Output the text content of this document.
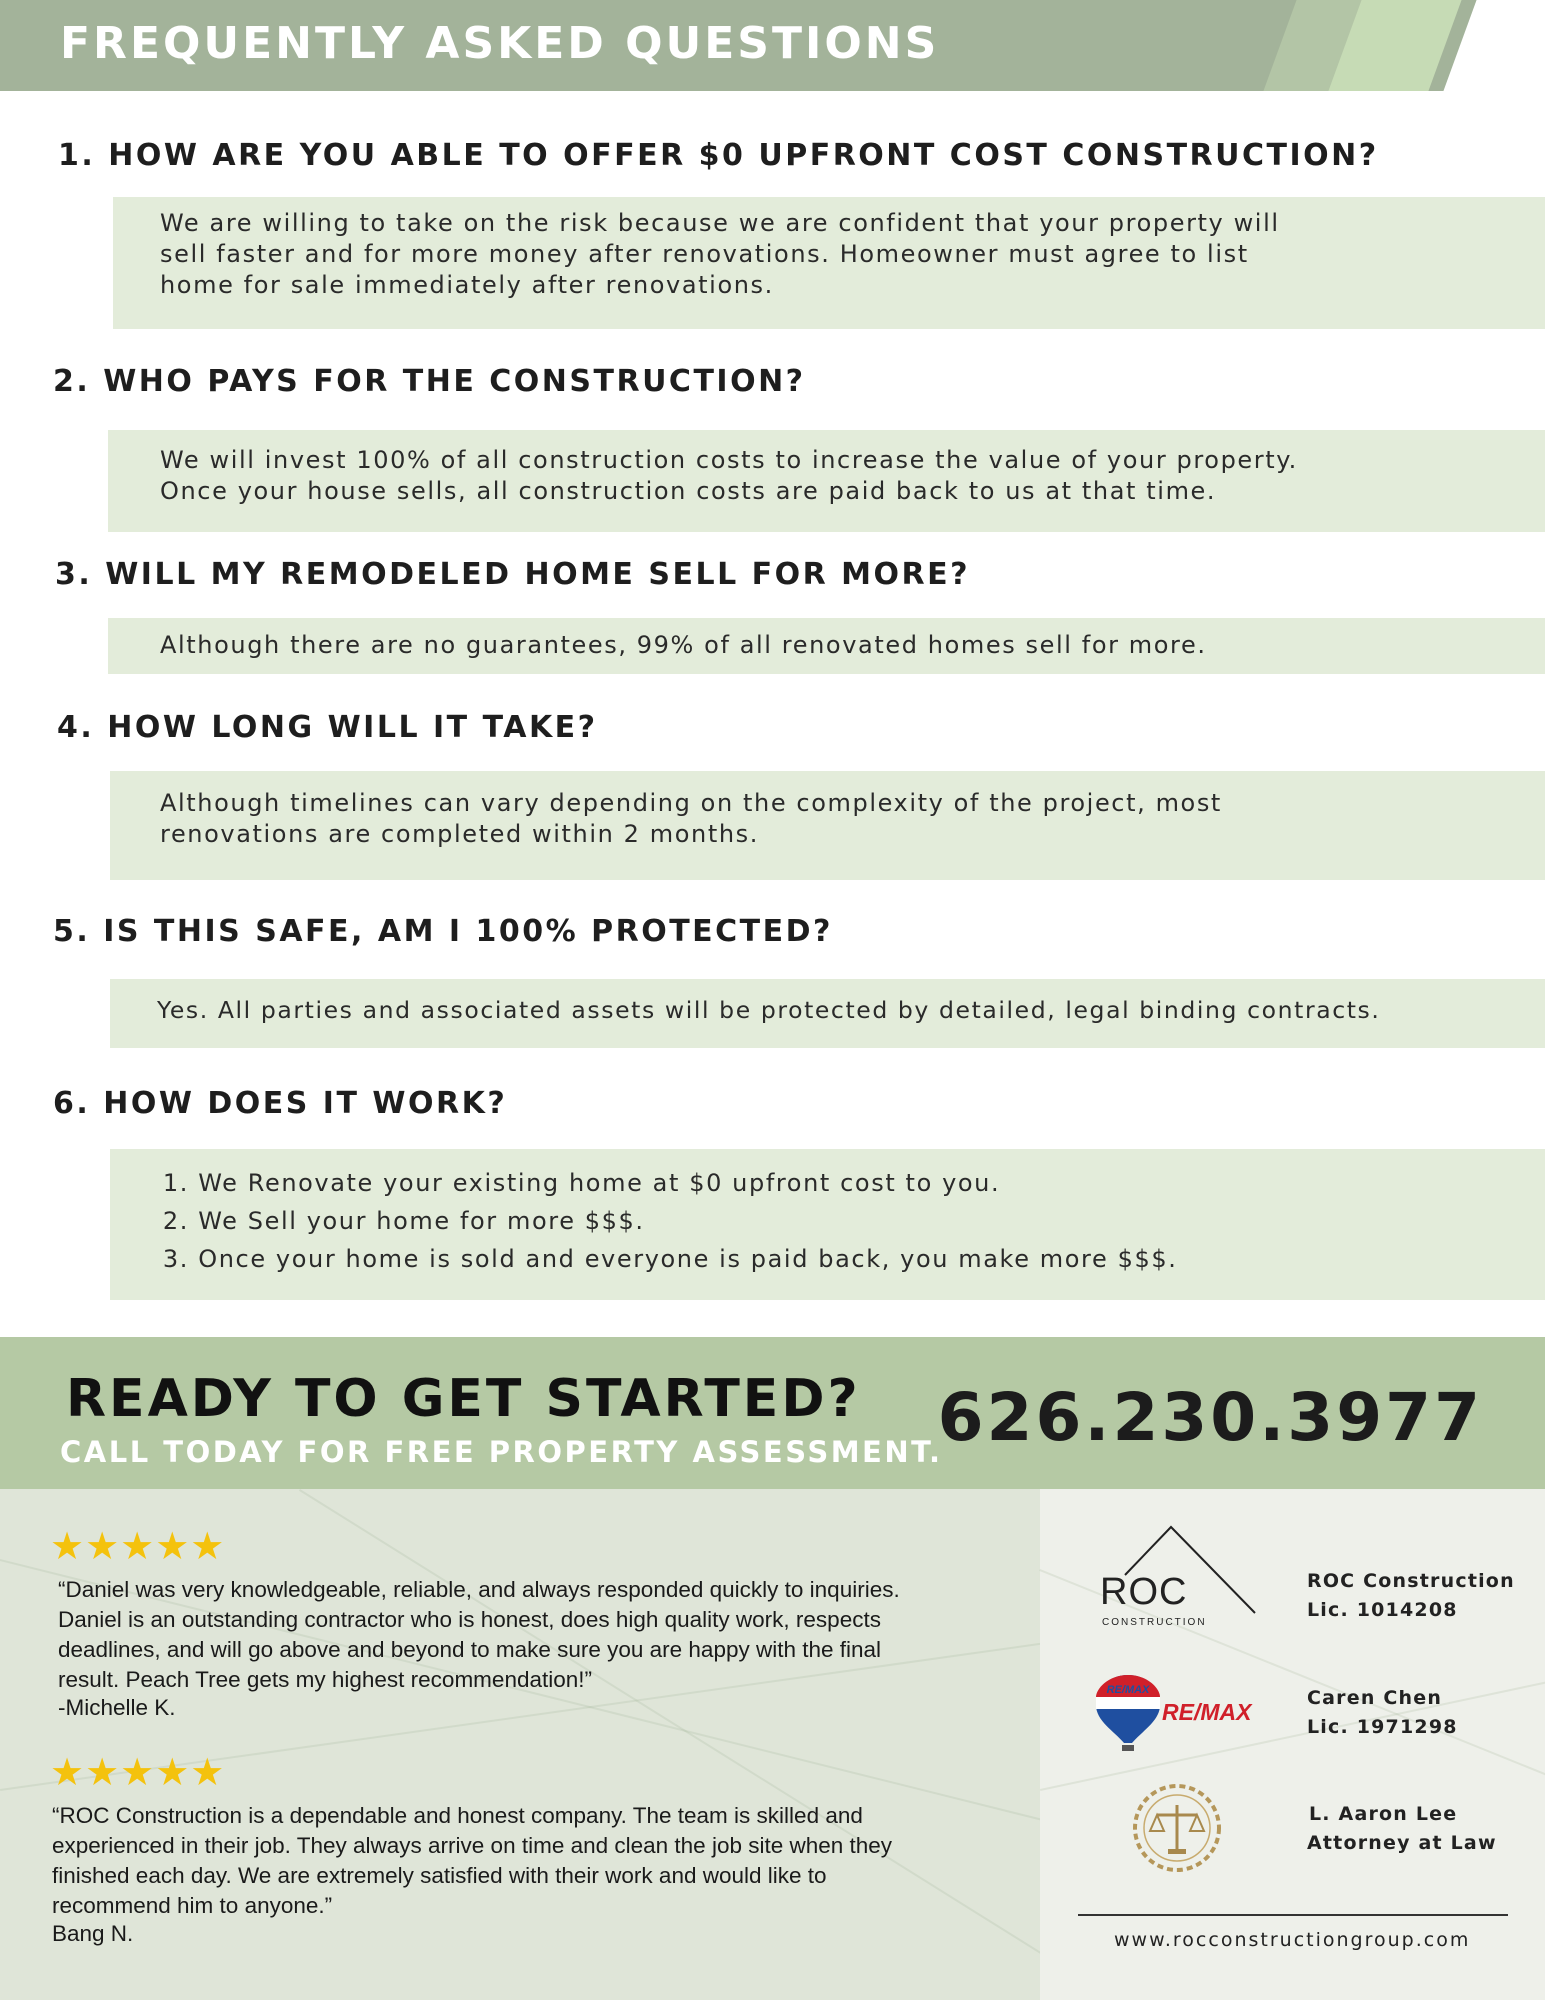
FREQUENTLY ASKED QUESTIONS

1. HOW ARE YOU ABLE TO OFFER $0 UPFRONT COST CONSTRUCTION?

We are willing to take on the risk because we are confident that your property will

sell faster and for more money after renovations. Homeowner must agree to list

home for sale immediately after renovations.

2. WHO PAYS FOR THE CONSTRUCTION?

We will invest 100% of all construction costs to increase the value of your property.

Once your house sells, all construction costs are paid back to us at that time.

3. WILL MY REMODELED HOME SELL FOR MORE?

Although there are no guarantees, 99% of all renovated homes sell for more.

4. HOW LONG WILL IT TAKE?

Although timelines can vary depending on the complexity of the project, most

renovations are completed within 2 months.

5. IS THIS SAFE, AM I 100% PROTECTED?

Yes. All parties and associated assets will be protected by detailed, legal binding contracts.

6. HOW DOES IT WORK?

1. We Renovate your existing home at $0 upfront cost to you.
2. We Sell your home for more $$$.
3. Once your home is sold and everyone is paid back, you make more $$$.
READY TO GET STARTED?

CALL TODAY FOR FREE PROPERTY ASSESSMENT.

626.230.3977

★★★★★

“Daniel was very knowledgeable, reliable, and always responded quickly to inquiries.

Daniel is an outstanding contractor who is honest, does high quality work, respects

deadlines, and will go above and beyond to make sure you are happy with the final

result. Peach Tree gets my highest recommendation!”

-Michelle K.

★★★★★

“ROC Construction is a dependable and honest company. The team is skilled and

experienced in their job. They always arrive on time and clean the job site when they

finished each day. We are extremely satisfied with their work and would like to

recommend him to anyone.”

Bang N.

ROC

CONSTRUCTION

ROC Construction

Lic. 1014208

RE/MAX

RE/MAX

Caren Chen

Lic. 1971298

L. Aaron Lee

Attorney at Law

www.rocconstructiongroup.com
